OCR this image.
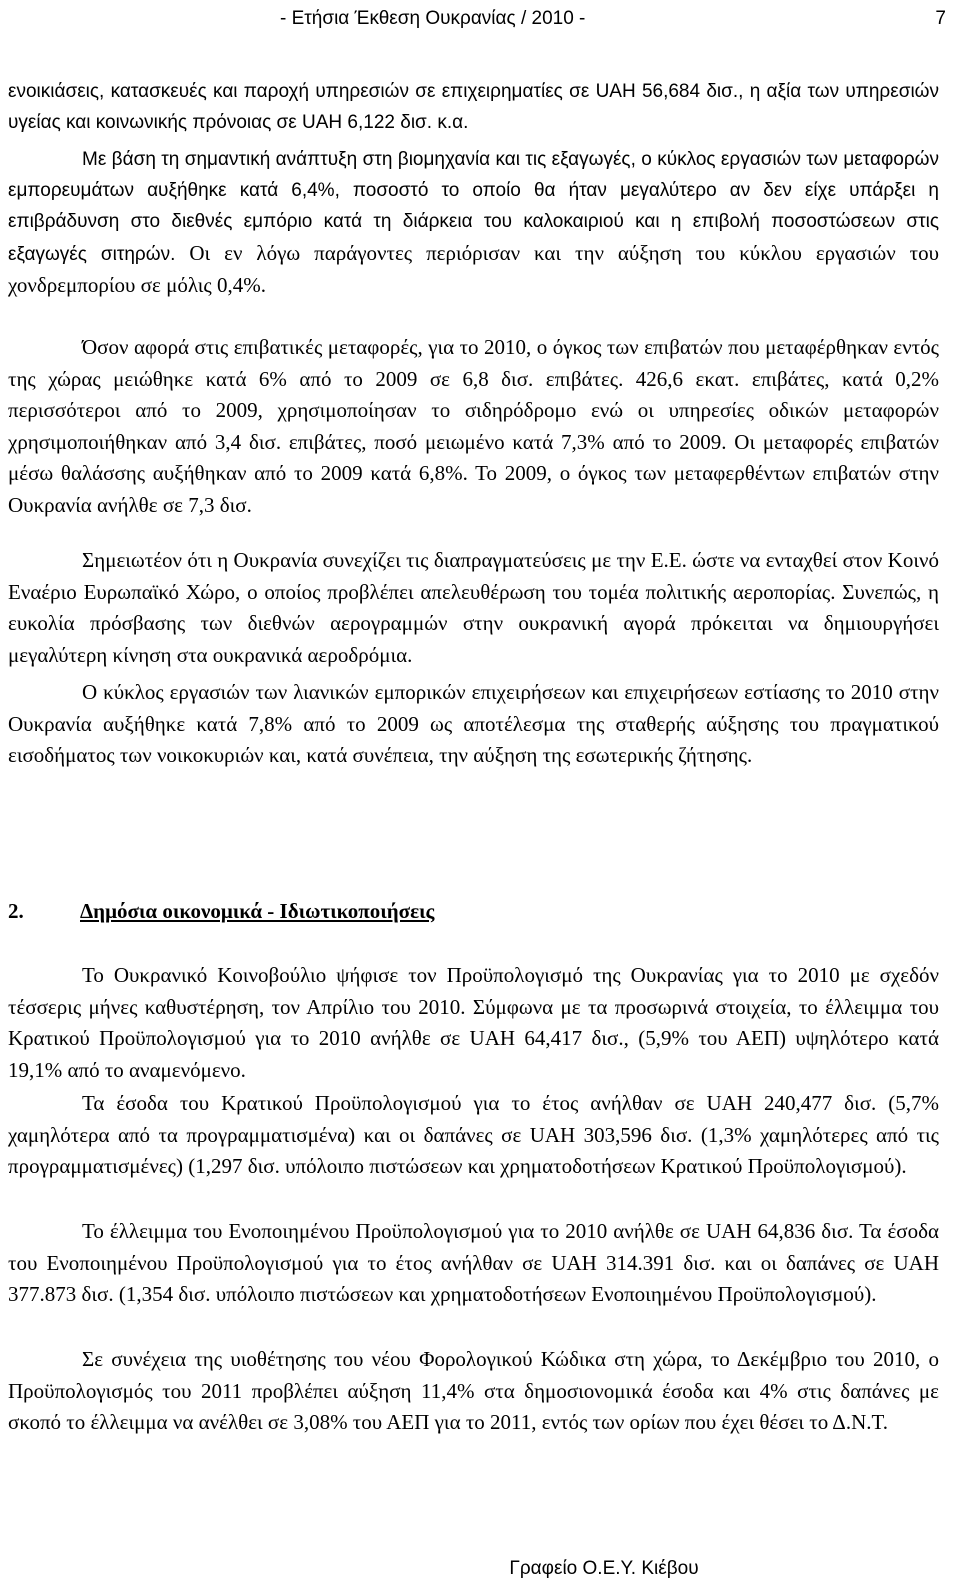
- Ετήσια Έκθεση Ουκρανίας / 2010 -	7

ενοικιάσεις, κατασκευές και παροχή υπηρεσιών σε επιχειρηματίες σε UAH 56,684 δισ., η αξία των υπηρεσιών υγείας και κοινωνικής πρόνοιας σε UAH 6,122 δισ. κ.α.

Με βάση τη σημαντική ανάπτυξη στη βιομηχανία και τις εξαγωγές, ο κύκλος εργασιών των μεταφορών εμπορευμάτων αυξήθηκε κατά 6,4%, ποσοστό το οποίο θα ήταν μεγαλύτερο αν δεν είχε υπάρξει η επιβράδυνση στο διεθνές εμπόριο κατά τη διάρκεια του καλοκαιριού και η επιβολή ποσοστώσεων στις εξαγωγές σιτηρών. Οι εν λόγω παράγοντες περιόρισαν και την αύξηση του κύκλου εργασιών του χονδρεμπορίου σε μόλις 0,4%.

Όσον αφορά στις επιβατικές μεταφορές, για το 2010, ο όγκος των επιβατών που μεταφέρθηκαν εντός της χώρας μειώθηκε κατά 6% από το 2009 σε 6,8 δισ. επιβάτες. 426,6 εκατ. επιβάτες, κατά 0,2% περισσότεροι από το 2009, χρησιμοποίησαν το σιδηρόδρομο ενώ οι υπηρεσίες οδικών μεταφορών χρησιμοποιήθηκαν από 3,4 δισ. επιβάτες, ποσό μειωμένο κατά 7,3% από το 2009. Οι μεταφορές επιβατών μέσω θαλάσσης αυξήθηκαν από το 2009 κατά 6,8%. Το 2009, ο όγκος των μεταφερθέντων επιβατών στην Ουκρανία ανήλθε σε 7,3 δισ.

Σημειωτέον ότι η Ουκρανία συνεχίζει τις διαπραγματεύσεις με την Ε.Ε. ώστε να ενταχθεί στον Κοινό Εναέριο Ευρωπαϊκό Χώρο, ο οποίος προβλέπει απελευθέρωση του τομέα πολιτικής αεροπορίας. Συνεπώς, η ευκολία πρόσβασης των διεθνών αερογραμμών στην ουκρανική αγορά πρόκειται να δημιουργήσει μεγαλύτερη κίνηση στα ουκρανικά αεροδρόμια.

Ο κύκλος εργασιών των λιανικών εμπορικών επιχειρήσεων και επιχειρήσεων εστίασης το 2010 στην Ουκρανία αυξήθηκε κατά 7,8% από το 2009 ως αποτέλεσμα της σταθερής αύξησης του πραγματικού εισοδήματος των νοικοκυριών και, κατά συνέπεια, την αύξηση της εσωτερικής ζήτησης.

2.	Δημόσια οικονομικά - Ιδιωτικοποιήσεις

Το Ουκρανικό Κοινοβούλιο ψήφισε τον Προϋπολογισμό της Ουκρανίας για το 2010 με σχεδόν τέσσερις μήνες καθυστέρηση, τον Απρίλιο του 2010. Σύμφωνα με τα προσωρινά στοιχεία, το έλλειμμα του Κρατικού Προϋπολογισμού για το 2010 ανήλθε σε UAH 64,417 δισ., (5,9% του ΑΕΠ) υψηλότερο κατά 19,1% από το αναμενόμενο.

Τα έσοδα του Κρατικού Προϋπολογισμού για το έτος ανήλθαν σε UAH 240,477 δισ. (5,7% χαμηλότερα από τα προγραμματισμένα) και οι δαπάνες σε UAH 303,596 δισ. (1,3% χαμηλότερες από τις προγραμματισμένες) (1,297 δισ. υπόλοιπο πιστώσεων και χρηματοδοτήσεων Κρατικού Προϋπολογισμού).

Το έλλειμμα του Ενοποιημένου Προϋπολογισμού για το 2010 ανήλθε σε UAH 64,836 δισ. Τα έσοδα του Ενοποιημένου Προϋπολογισμού για το έτος ανήλθαν σε UAH 314.391 δισ. και οι δαπάνες σε UAH 377.873 δισ. (1,354 δισ. υπόλοιπο πιστώσεων και χρηματοδοτήσεων Ενοποιημένου Προϋπολογισμού).

Σε συνέχεια της υιοθέτησης του νέου Φορολογικού Κώδικα στη χώρα, το Δεκέμβριο του 2010, ο Προϋπολογισμός του 2011 προβλέπει αύξηση 11,4% στα δημοσιονομικά έσοδα και 4% στις δαπάνες με σκοπό το έλλειμμα να ανέλθει σε 3,08% του ΑΕΠ για το 2011, εντός των ορίων που έχει θέσει το Δ.Ν.Τ.

Γραφείο Ο.Ε.Υ. Κιέβου
